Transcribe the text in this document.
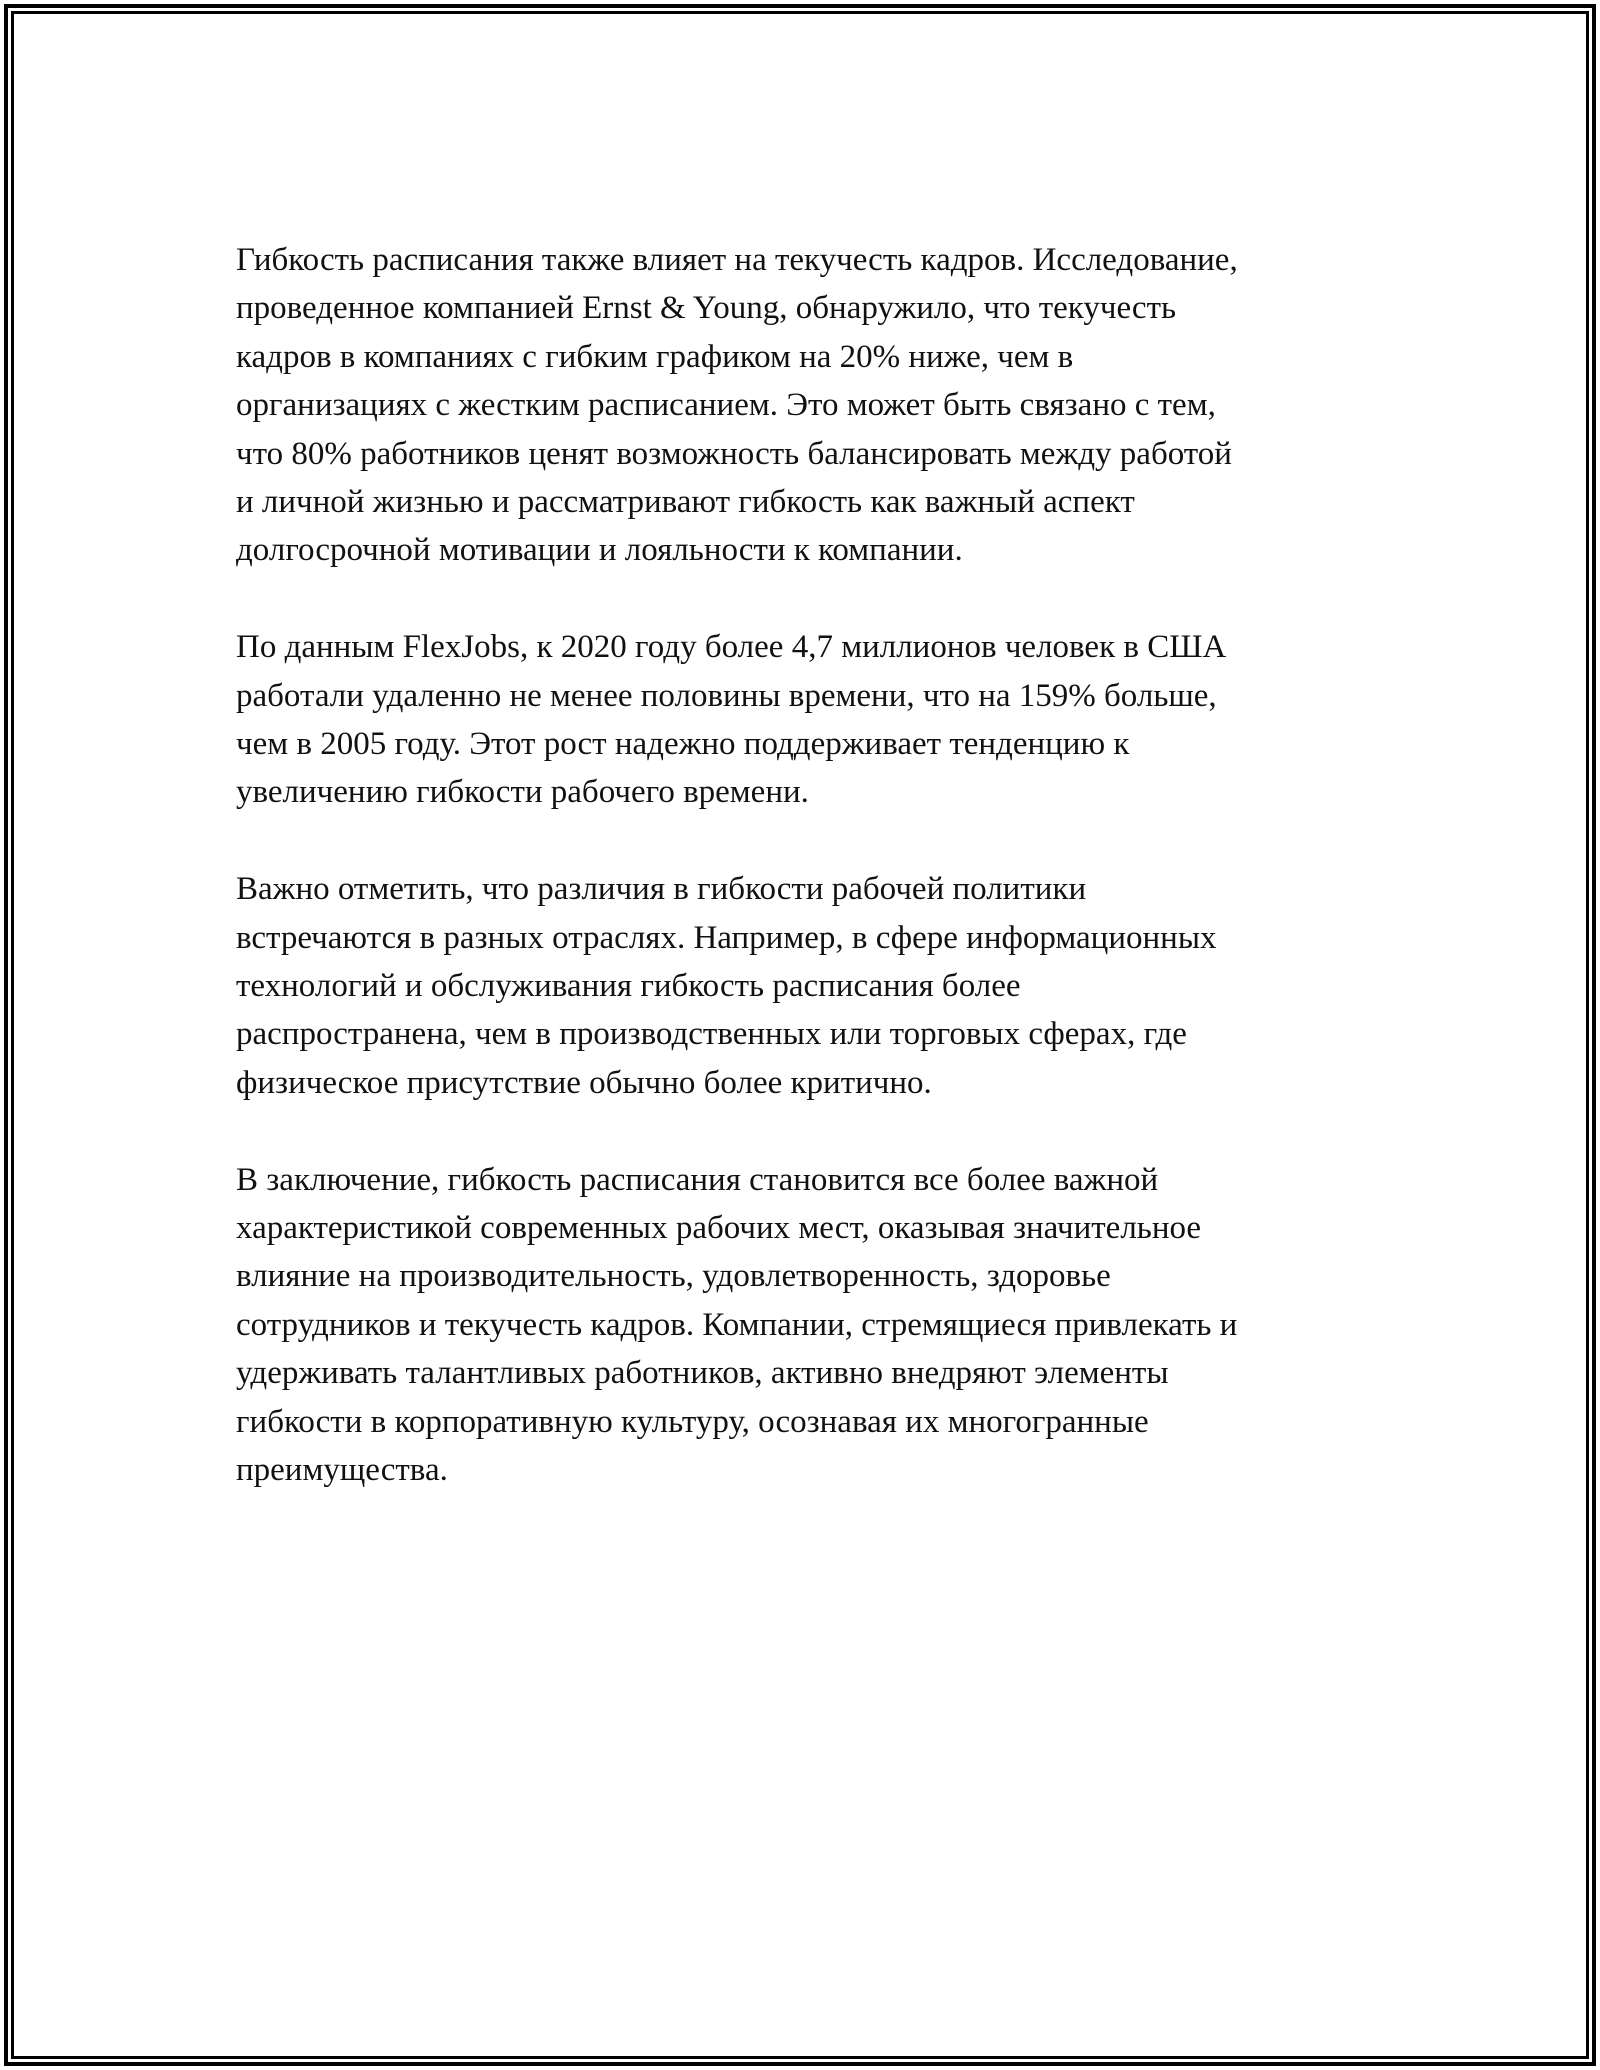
Гибкость расписания также влияет на текучесть кадров. Исследование,
проведенное компанией Ernst & Young, обнаружило, что текучесть
кадров в компаниях с гибким графиком на 20% ниже, чем в
организациях с жестким расписанием. Это может быть связано с тем,
что 80% работников ценят возможность балансировать между работой
и личной жизнью и рассматривают гибкость как важный аспект
долгосрочной мотивации и лояльности к компании.

По данным FlexJobs, к 2020 году более 4,7 миллионов человек в США
работали удаленно не менее половины времени, что на 159% больше,
чем в 2005 году. Этот рост надежно поддерживает тенденцию к
увеличению гибкости рабочего времени.

Важно отметить, что различия в гибкости рабочей политики
встречаются в разных отраслях. Например, в сфере информационных
технологий и обслуживания гибкость расписания более
распространена, чем в производственных или торговых сферах, где
физическое присутствие обычно более критично.

В заключение, гибкость расписания становится все более важной
характеристикой современных рабочих мест, оказывая значительное
влияние на производительность, удовлетворенность, здоровье
сотрудников и текучесть кадров. Компании, стремящиеся привлекать и
удерживать талантливых работников, активно внедряют элементы
гибкости в корпоративную культуру, осознавая их многогранные
преимущества.
